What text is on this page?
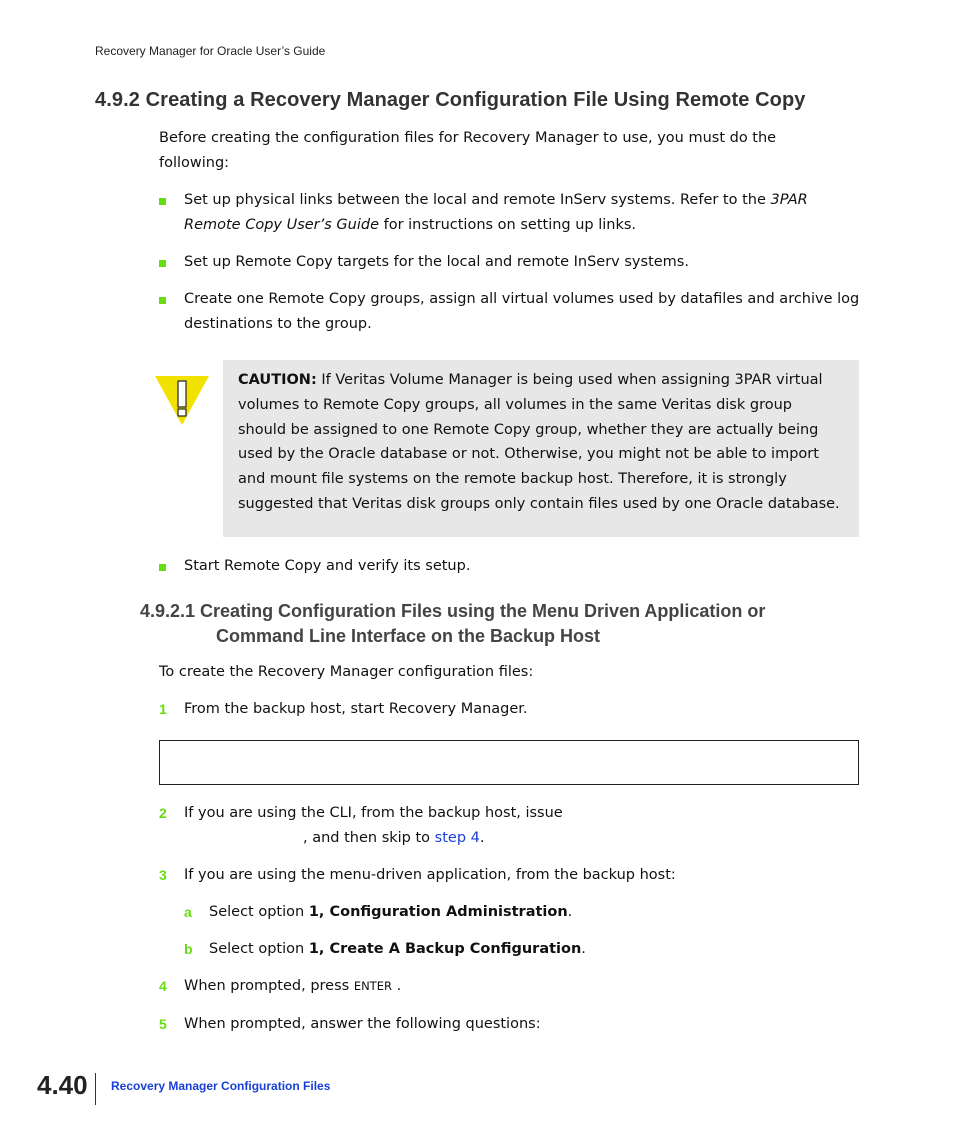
Recovery Manager for Oracle User’s Guide
4.9.2 Creating a Recovery Manager Configuration File Using Remote Copy
Before creating the configuration files for Recovery Manager to use, you must do the
following:
Set up physical links between the local and remote InServ systems. Refer to the 3PAR
Remote Copy User’s Guide for instructions on setting up links.
Set up Remote Copy targets for the local and remote InServ systems.
Create one Remote Copy groups, assign all virtual volumes used by datafiles and archive log
destinations to the group.
CAUTION: If Veritas Volume Manager is being used when assigning 3PAR virtual
volumes to Remote Copy groups, all volumes in the same Veritas disk group
should be assigned to one Remote Copy group, whether they are actually being
used by the Oracle database or not. Otherwise, you might not be able to import
and mount file systems on the remote backup host. Therefore, it is strongly
suggested that Veritas disk groups only contain files used by one Oracle database.
Start Remote Copy and verify its setup.
4.9.2.1 Creating Configuration Files using the Menu Driven Application or
Command Line Interface on the Backup Host
To create the Recovery Manager configuration files:
1 From the backup host, start Recovery Manager.
2 If you are using the CLI, from the backup host, issue
, and then skip to step 4.
3 If you are using the menu-driven application, from the backup host:
a Select option 1, Configuration Administration.
b Select option 1, Create A Backup Configuration.
4 When prompted, press ENTER .
5 When prompted, answer the following questions:
4.40 Recovery Manager Configuration Files
